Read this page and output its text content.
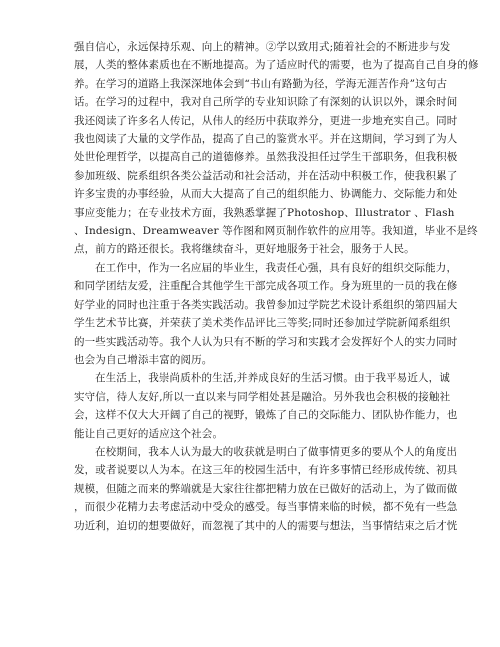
强自信心，永远保持乐观、向上的精神。②学以致用式;随着社会的不断进步与发
展，人类的整体素质也在不断地提高。为了适应时代的需要，也为了提高自己自身的修
养。在学习的道路上我深深地体会到“书山有路勤为径，学海无涯苦作舟”这句古
话。在学习的过程中，我对自己所学的专业知识除了有深刻的认识以外，课余时间
我还阅读了许多名人传记，从伟人的经历中获取养分，更进一步地充实自己。同时
我也阅读了大量的文学作品，提高了自己的鉴赏水平。并在这期间，学习到了为人
处世伦理哲学，以提高自己的道德修养。虽然我没担任过学生干部职务，但我积极
参加班级、院系组织各类公益活动和社会活动，并在活动中积极工作，使我积累了
许多宝贵的办事经验，从而大大提高了自己的组织能力、协调能力、交际能力和处
事应变能力；在专业技术方面，我熟悉掌握了Photoshop、Illustrator 、Flash
、Indesign、Dreamweaver 等作图和网页制作软件的应用等。我知道，毕业不是终
点，前方的路还很长。我将继续奋斗，更好地服务于社会，服务于人民。
在工作中，作为一名应届的毕业生，我责任心强，具有良好的组织交际能力，
和同学团结友爱，注重配合其他学生干部完成各项工作。身为班里的一员的我在修
好学业的同时也注重于各类实践活动。我曾参加过学院艺术设计系组织的第四届大
学生艺术节比赛，并荣获了美术类作品评比三等奖;同时还参加过学院新闻系组织
的一些实践活动等。我个人认为只有不断的学习和实践才会发挥好个人的实力同时
也会为自己增添丰富的阅历。
在生活上，我崇尚质朴的生活,并养成良好的生活习惯。由于我平易近人，诚
实守信，待人友好,所以一直以来与同学相处甚是融洽。另外我也会积极的接触社
会，这样不仅大大开阔了自己的视野，锻炼了自己的交际能力、团队协作能力，也
能让自己更好的适应这个社会。
在校期间，我本人认为最大的收获就是明白了做事情更多的要从个人的角度出
发，或者说要以人为本。在这三年的校园生活中，有许多事情已经形成传统、初具
规模，但随之而来的弊端就是大家往往都把精力放在已做好的活动上，为了做而做
，而很少花精力去考虑活动中受众的感受。每当事情来临的时候，都不免有一些急
功近利，迫切的想要做好，而忽视了其中的人的需要与想法，当事情结束之后才恍
